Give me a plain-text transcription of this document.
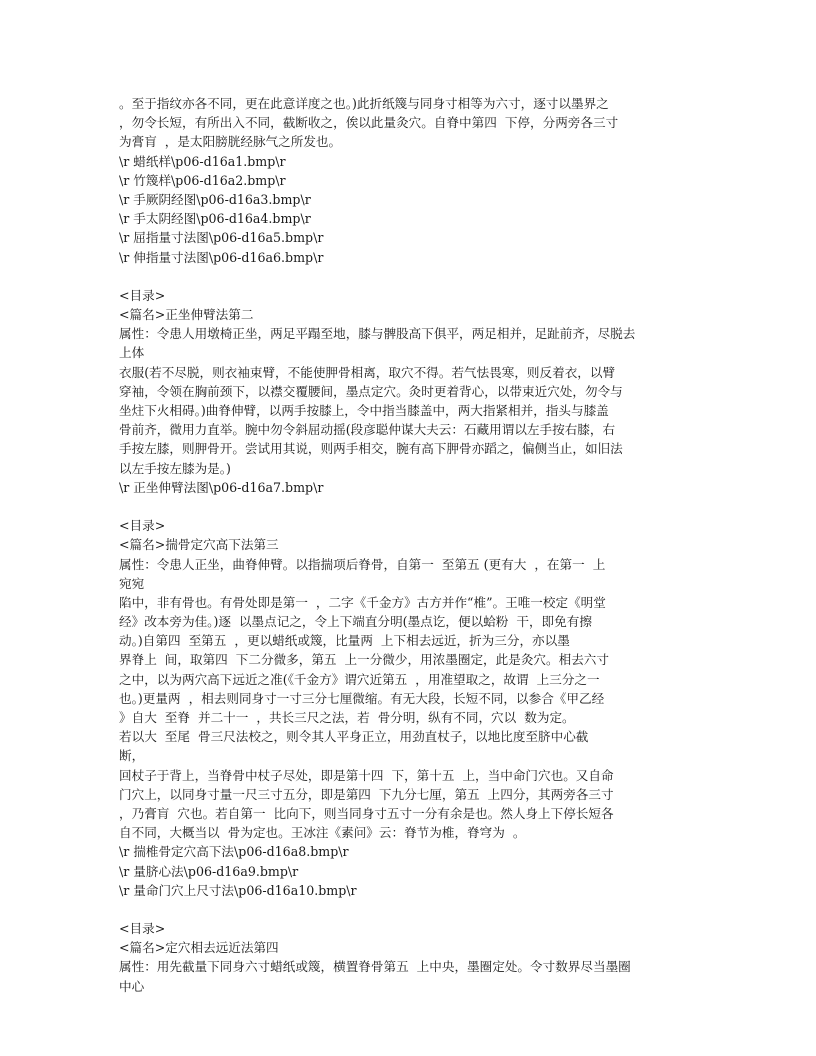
。至于指纹亦各不同，更在此意详度之也。)此折纸篾与同身寸相等为六寸，逐寸以墨界之
，勿令长短，有所出入不同，截断收之，俟以此量灸穴。自脊中第四  下停，分两旁各三寸
为膏肓  ，是太阳膀胱经脉气之所发也。
\r 蜡纸样\p06-d16a1.bmp\r
\r 竹篾样\p06-d16a2.bmp\r
\r 手厥阴经图\p06-d16a3.bmp\r
\r 手太阴经图\p06-d16a4.bmp\r
\r 屈指量寸法图\p06-d16a5.bmp\r
\r 伸指量寸法图\p06-d16a6.bmp\r
<目录>
<篇名>正坐伸臂法第二
属性：令患人用墩椅正坐，两足平蹋至地，膝与髀股高下俱平，两足相并，足趾前齐，尽脱去
上体
衣服(若不尽脱，则衣袖束臂，不能使胛骨相离，取穴不得。若气怯畏寒，则反着衣，以臂
穿袖，令领在胸前颈下，以襟交覆腰间，墨点定穴。灸时更着背心，以带束近穴处，勿令与
坐炷下火相碍。)曲脊伸臂，以两手按膝上，令中指当膝盖中，两大指紧相并，指头与膝盖
骨前齐，微用力直举。腕中勿令斜屈动摇(段彦聪仲谋大夫云：石藏用谓以左手按右膝，右
手按左膝，则胛骨开。尝试用其说，则两手相交，腕有高下胛骨亦蹈之，偏侧当止，如旧法
以左手按左膝为是。)
\r 正坐伸臂法图\p06-d16a7.bmp\r
<目录>
<篇名>揣骨定穴高下法第三
属性：令患人正坐，曲脊伸臂。以指揣项后脊骨，自第一  至第五 (更有大  ，在第一  上
宛宛
陷中，非有骨也。有骨处即是第一  ，二字《千金方》古方并作“椎”。王唯一校定《明堂
经》改本旁为佳。)逐  以墨点记之，令上下端直分明(墨点讫，便以蛤粉  干，即免有擦
动。)自第四  至第五  ，更以蜡纸或篾，比量两  上下相去远近，折为三分，亦以墨
界脊上  间，取第四  下二分微多，第五  上一分微少，用浓墨圈定，此是灸穴。相去六寸
之中，以为两穴高下远近之准(《千金方》谓穴近第五  ，用准望取之，故谓  上三分之一
也。)更量两  ，相去则同身寸一寸三分七厘微缩。有无大段，长短不同，以参合《甲乙经
》自大  至脊  并二十一  ，共长三尺之法，若  骨分明，纵有不同，穴以  数为定。
若以大  至尾  骨三尺法校之，则令其人平身正立，用劲直杖子，以地比度至脐中心截
断，
回杖子于背上，当脊骨中杖子尽处，即是第十四  下，第十五  上，当中命门穴也。又自命
门穴上，以同身寸量一尺三寸五分，即是第四  下九分七厘，第五  上四分，其两旁各三寸
，乃膏肓  穴也。若自第一  比向下，则当同身寸五寸一分有余是也。然人身上下停长短各
自不同，大概当以  骨为定也。王冰注《素问》云：脊节为椎，脊穹为  。
\r 揣椎骨定穴高下法\p06-d16a8.bmp\r
\r 量脐心法\p06-d16a9.bmp\r
\r 量命门穴上尺寸法\p06-d16a10.bmp\r
<目录>
<篇名>定穴相去远近法第四
属性：用先截量下同身六寸蜡纸或篾，横置脊骨第五  上中央，墨圈定处。令寸数界尽当墨圈
中心
